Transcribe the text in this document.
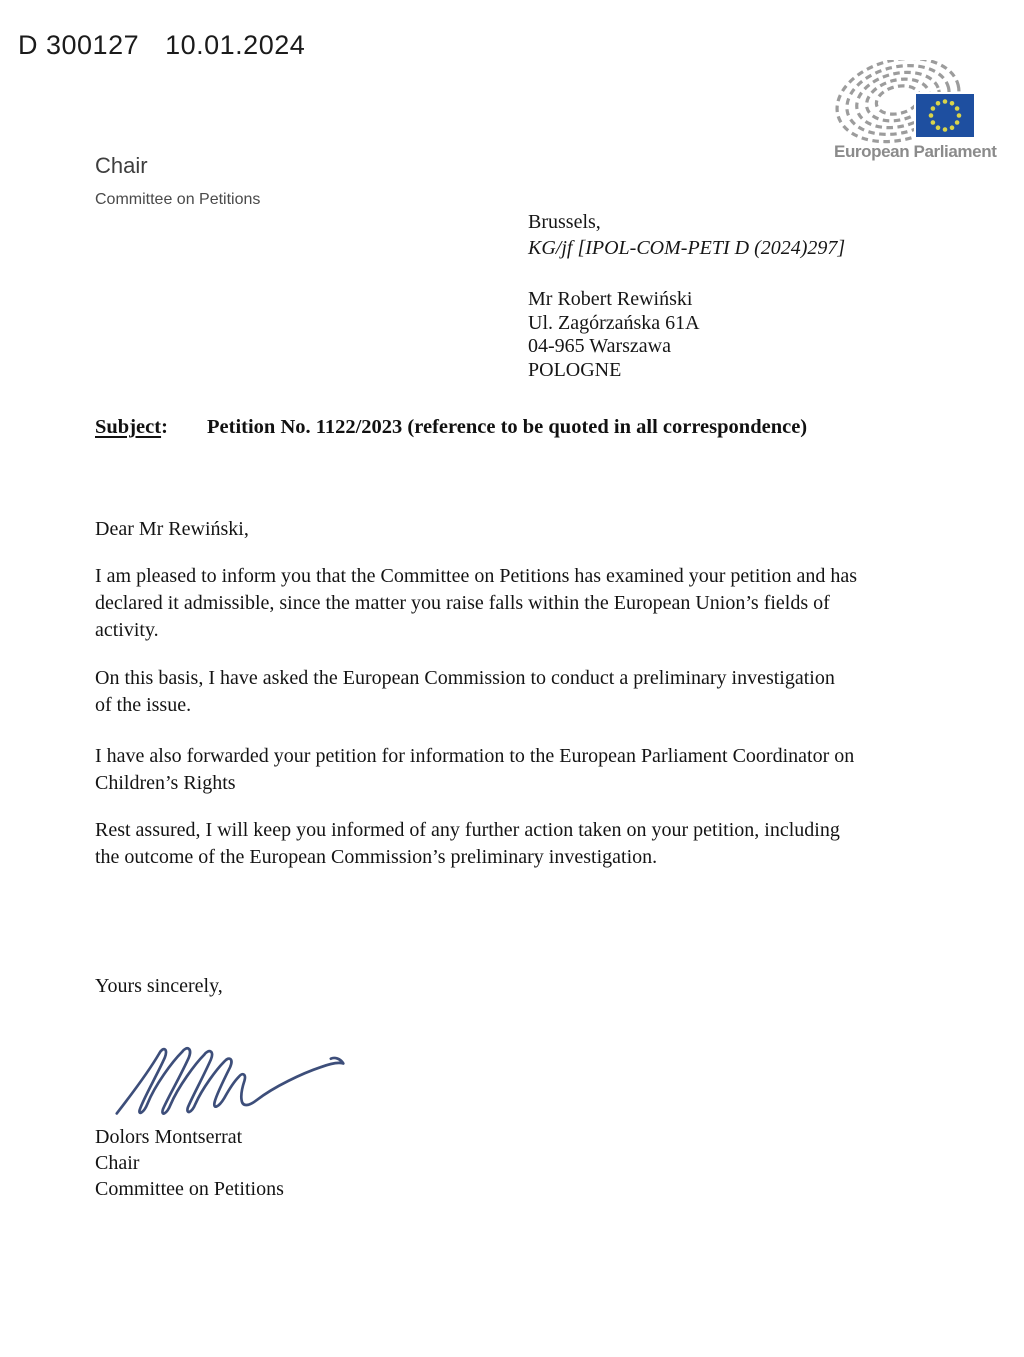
D 300127 10.01.2024
European Parliament
Chair
Committee on Petitions
Brussels,
KG/jf [IPOL-COM-PETI D (2024)297]
Mr Robert Rewiński
Ul. Zagórzańska 61A
04-965 Warszawa
POLOGNE
Subject:	Petition No. 1122/2023 (reference to be quoted in all correspondence)
Dear Mr Rewiński,
I am pleased to inform you that the Committee on Petitions has examined your petition and has
declared it admissible, since the matter you raise falls within the European Union’s fields of
activity.
On this basis, I have asked the European Commission to conduct a preliminary investigation
of the issue.
I have also forwarded your petition for information to the European Parliament Coordinator on
Children’s Rights
Rest assured, I will keep you informed of any further action taken on your petition, including
the outcome of the European Commission’s preliminary investigation.
Yours sincerely,
Dolors Montserrat
Chair
Committee on Petitions
